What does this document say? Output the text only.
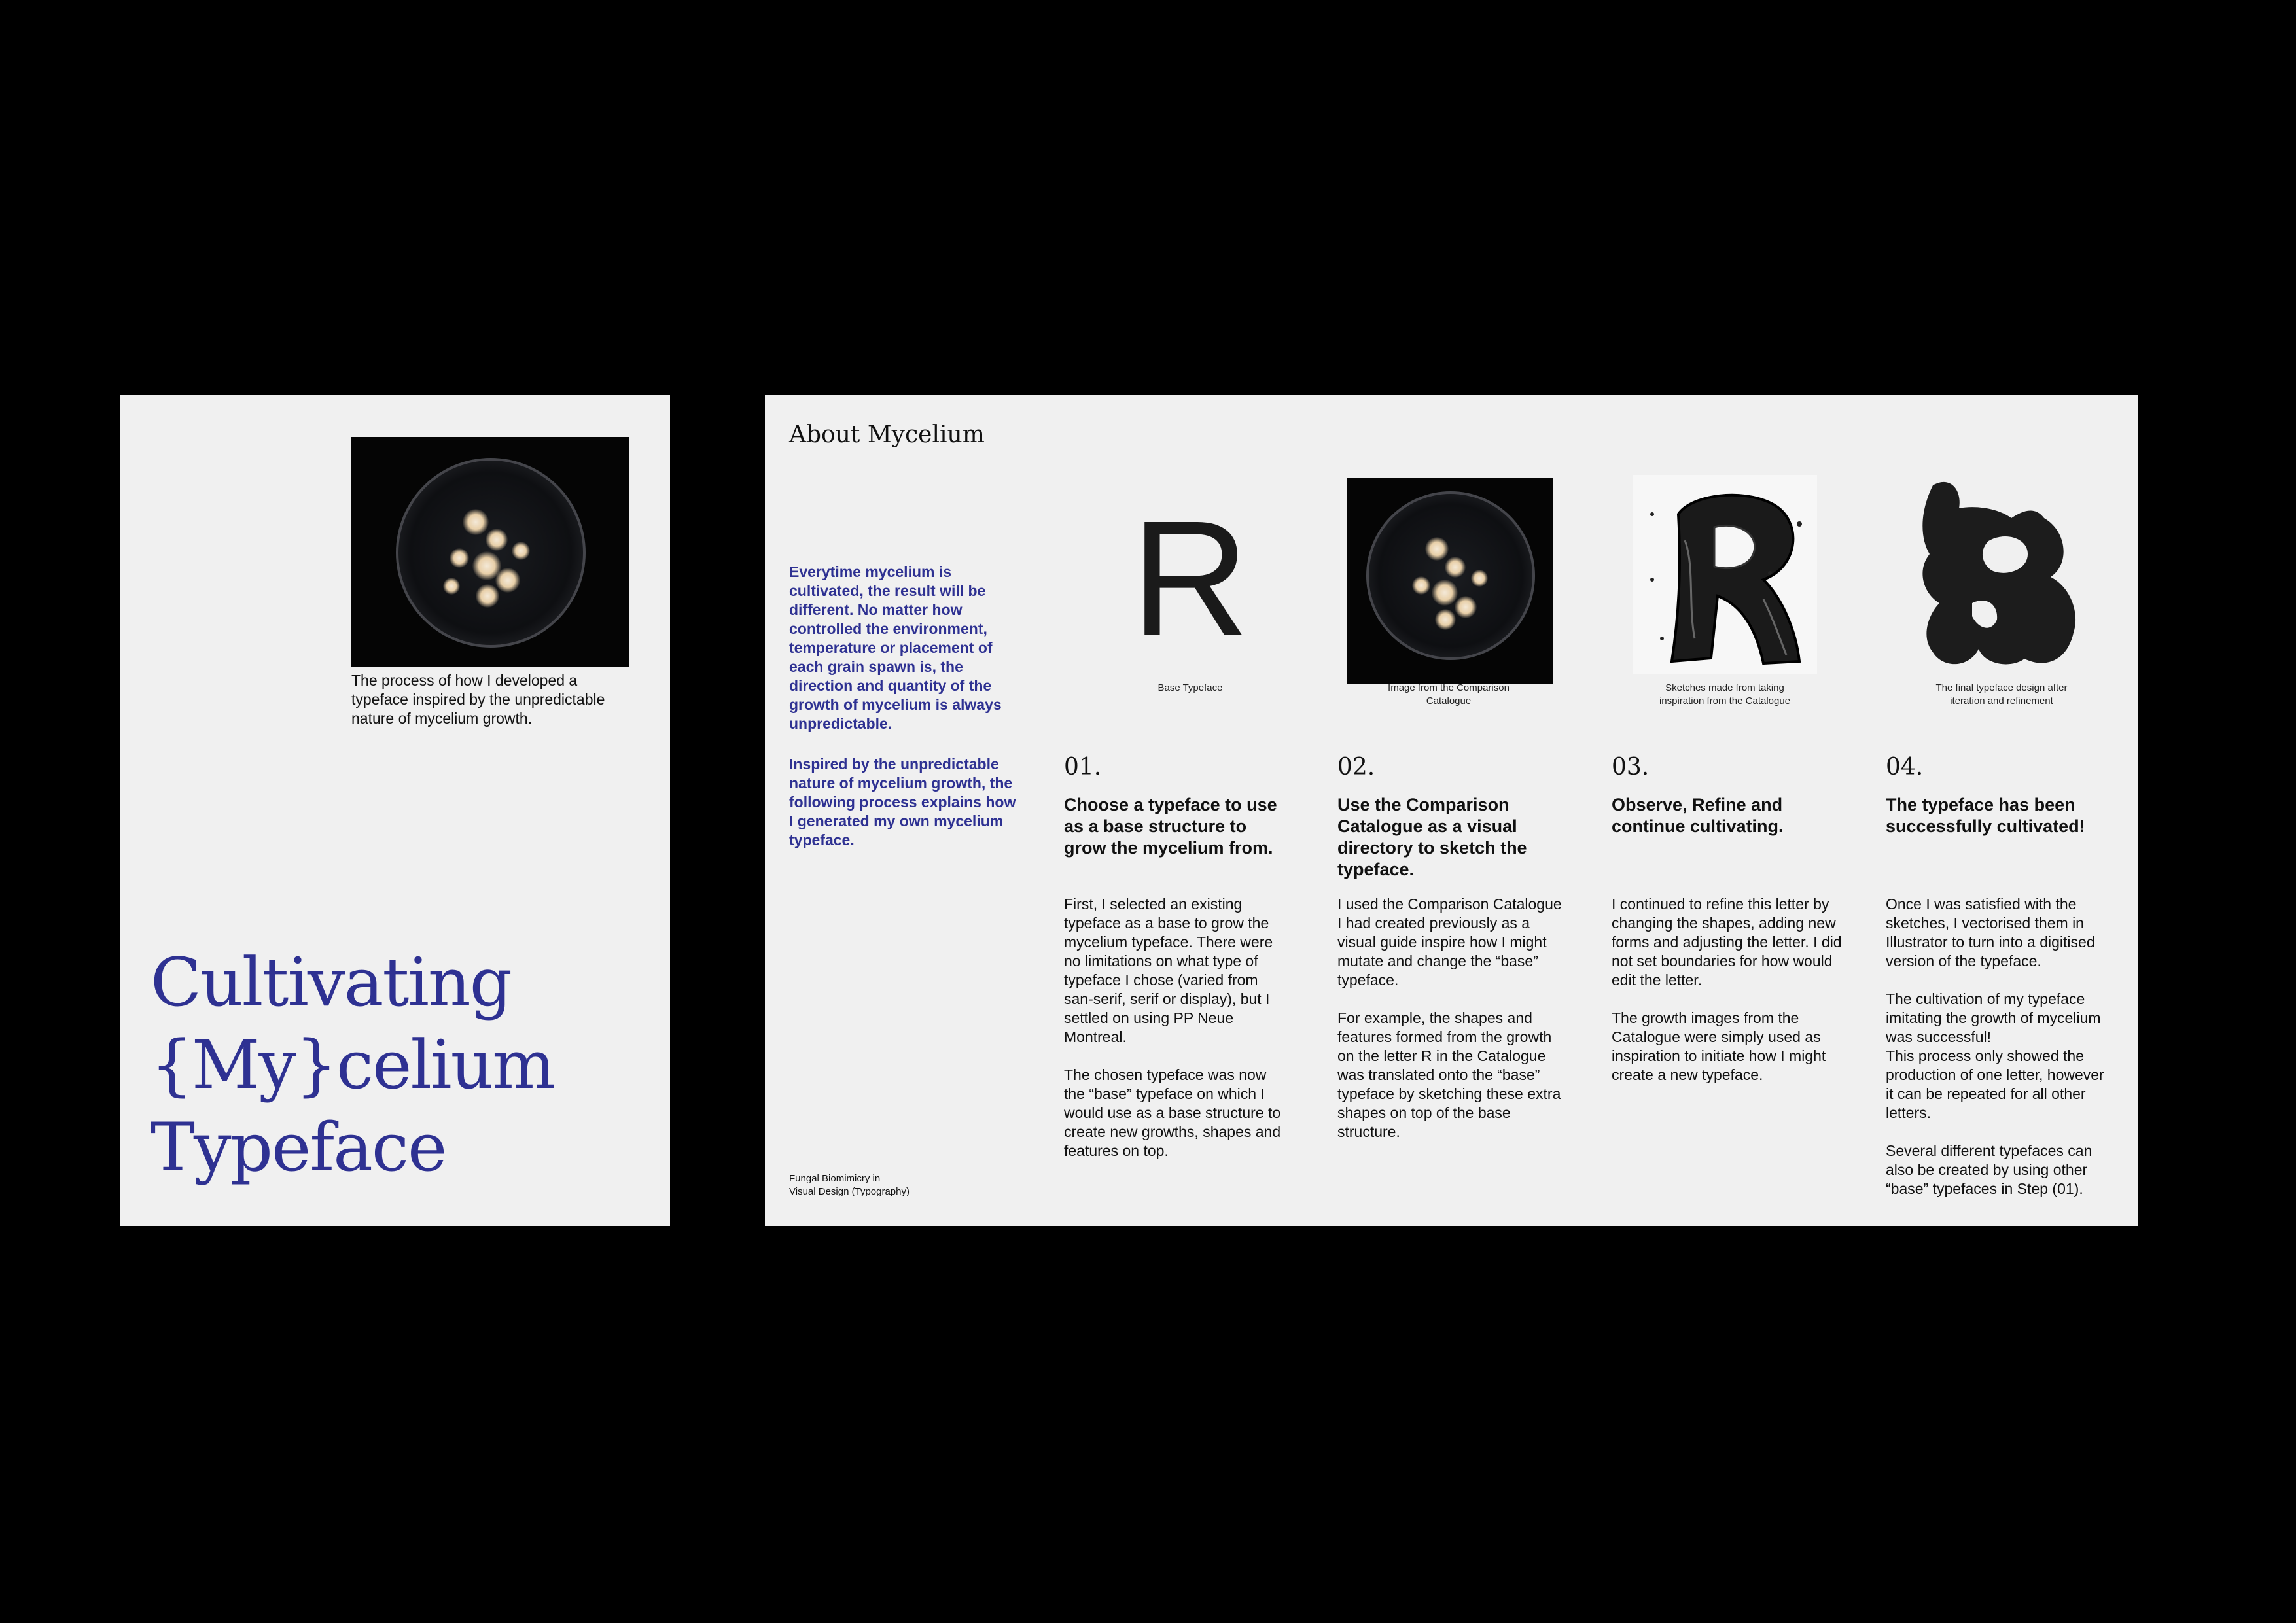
The process of how I developed a typeface inspired by the unpredictable nature of mycelium growth.
Cultivating
{My}celium
Typeface
About Mycelium
Everytime mycelium is cultivated, the result will be different. No matter how controlled the environment, temperature or placement of each grain spawn is, the direction and quantity of the growth of mycelium is always unpredictable.
Inspired by the unpredictable nature of mycelium growth, the following process explains how I generated my own mycelium typeface.
Fungal Biomimicry in
Visual Design (Typography)
R
Base Typeface
01.
Choose a typeface to use as a base structure to grow the mycelium from.
First, I selected an existing typeface as a base to grow the mycelium typeface. There were no limitations on what type of typeface I chose (varied from san-serif, serif or display), but I settled on using PP Neue Montreal.

The chosen typeface was now the “base” typeface on which I would use as a base structure to create new growths, shapes and features on top.
Image from the Comparison Catalogue
02.
Use the Comparison Catalogue as a visual directory to sketch the typeface.
I used the Comparison Catalogue I had created previously as a visual guide inspire how I might mutate and change the “base” typeface.

For example, the shapes and features formed from the growth on the letter R in the Catalogue was translated onto the “base” typeface by sketching these extra shapes on top of the base structure.
Sketches made from taking inspiration from the Catalogue
03.
Observe, Refine and continue cultivating.
I continued to refine this letter by changing the shapes, adding new forms and adjusting the letter. I did not set boundaries for how would edit the letter.

The growth images from the Catalogue were simply used as inspiration to initiate how I might create a new typeface.
The final typeface design after iteration and refinement
04.
The typeface has been successfully cultivated!
Once I was satisfied with the sketches, I vectorised them in Illustrator to turn into a digitised version of the typeface.

The cultivation of my typeface imitating the growth of mycelium was successful!
This process only showed the production of one letter, however it can be repeated for all other letters.

Several different typefaces can also be created by using other “base” typefaces in Step (01).
